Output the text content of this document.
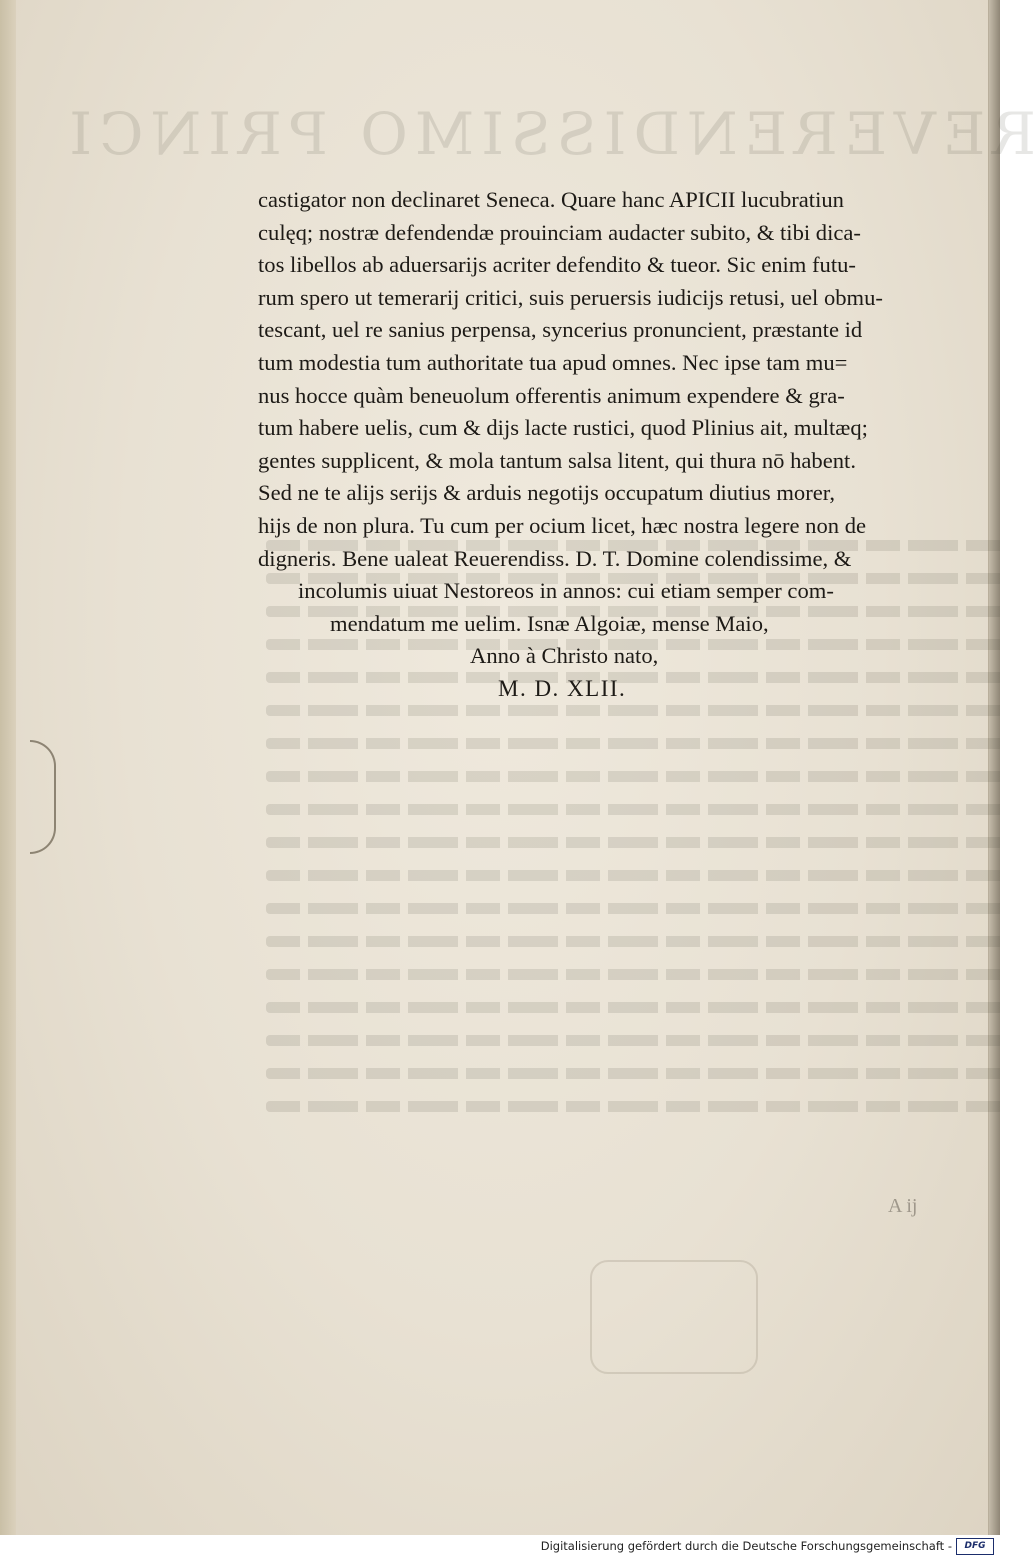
REVERENDISSIMO PRINCI

castigator non declinaret Seneca. Quare hanc APICII lucubratiun

culęq; nostræ defendendæ prouinciam audacter subito, & tibi dica-

tos libellos ab aduersarijs acriter defendito & tueor. Sic enim futu-

rum spero ut temerarij critici, suis peruersis iudicijs retusi, uel obmu-

tescant, uel re sanius perpensa, syncerius pronuncient, præstante id

tum modestia tum authoritate tua apud omnes. Nec ipse tam mu=

nus hocce quàm beneuolum offerentis animum expendere & gra-

tum habere uelis, cum & dijs lacte rustici, quod Plinius ait, multæq;

gentes supplicent, & mola tantum salsa litent, qui thura nō habent.

Sed ne te alijs serijs & arduis negotijs occupatum diutius morer,

hijs de non plura. Tu cum per ocium licet, hæc nostra legere non de

digneris. Bene ualeat Reuerendiss. D. T. Domine colendissime, &

incolumis uiuat Nestoreos in annos: cui etiam semper com-

mendatum me uelim. Isnæ Algoiæ, mense Maio,

Anno à Christo nato,

M. D. XLII.

A ij

Digitalisierung gefördert durch die Deutsche Forschungsgemeinschaft -	DFG
